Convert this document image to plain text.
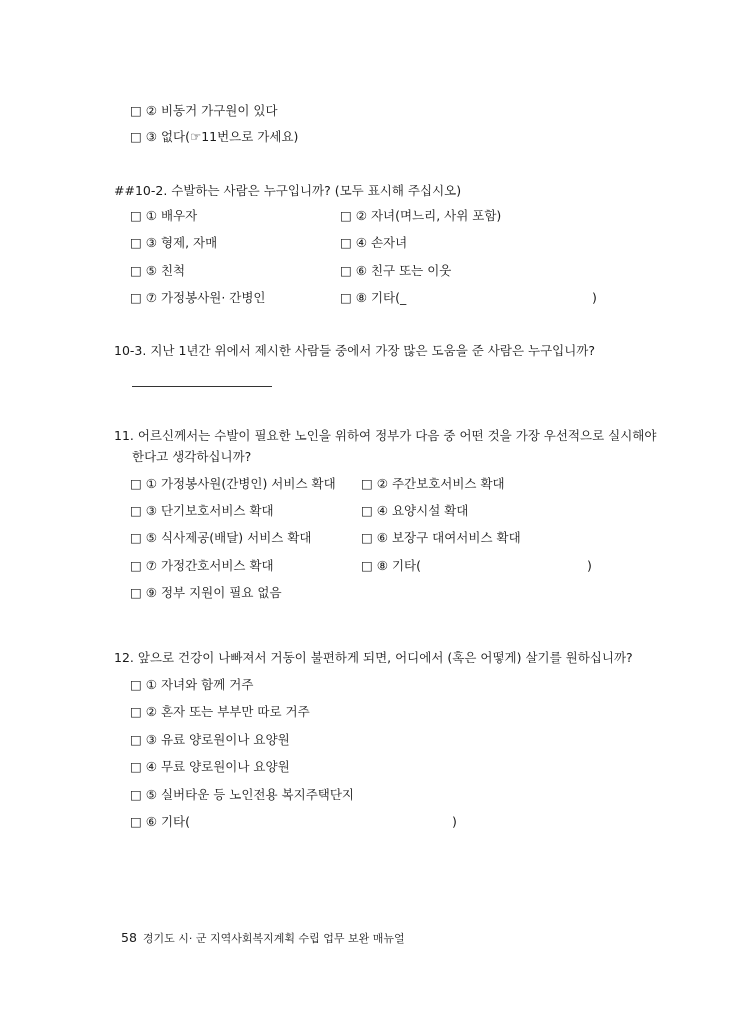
□ ② 비동거 가구원이 있다
□ ③ 없다(☞11번으로 가세요)
##10-2. 수발하는 사람은 누구입니까? (모두 표시해 주십시오)
□ ① 배우자	□ ② 자녀(며느리, 사위 포함)
□ ③ 형제, 자매	□ ④ 손자녀
□ ⑤ 친척	□ ⑥ 친구 또는 이웃
□ ⑦ 가정봉사원· 간병인	□ ⑧ 기타(_	)
10-3. 지난 1년간 위에서 제시한 사람들 중에서 가장 많은 도움을 준 사람은 누구입니까?
11. 어르신께서는 수발이 필요한 노인을 위하여 정부가 다음 중 어떤 것을 가장 우선적으로 실시해야
한다고 생각하십니까?
□ ① 가정봉사원(간병인) 서비스 확대 □ ② 주간보호서비스 확대
□ ③ 단기보호서비스 확대	□ ④ 요양시설 확대
□ ⑤ 식사제공(배달) 서비스 확대	□ ⑥ 보장구 대여서비스 확대
□ ⑦ 가정간호서비스 확대	□ ⑧ 기타(	)
□ ⑨ 정부 지원이 필요 없음
12. 앞으로 건강이 나빠져서 거동이 불편하게 되면, 어디에서 (혹은 어떻게) 살기를 원하십니까?
□ ① 자녀와 함께 거주
□ ② 혼자 또는 부부만 따로 거주
□ ③ 유료 양로원이나 요양원
□ ④ 무료 양로원이나 요양원
□ ⑤ 실버타운 등 노인전용 복지주택단지
□ ⑥ 기타(	)

58 경기도 시· 군 지역사회복지계획 수립 업무 보완 매뉴얼
